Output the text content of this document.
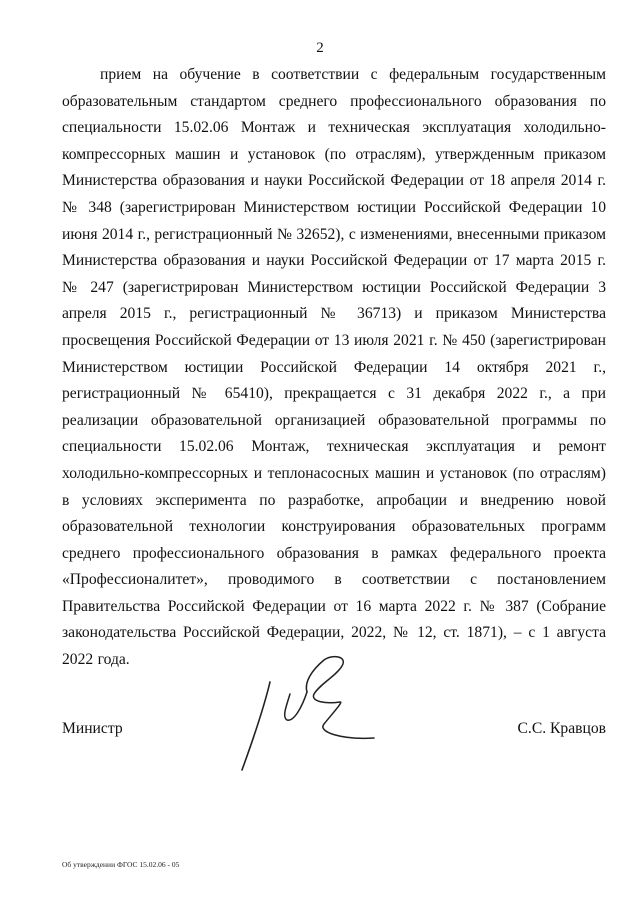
2

прием на обучение в соответствии с федеральным государственным образовательным стандартом среднего профессионального образования по специальности 15.02.06 Монтаж и техническая эксплуатация холодильно-компрессорных машин и установок (по отраслям), утвержденным приказом Министерства образования и науки Российской Федерации от 18 апреля 2014 г. № 348 (зарегистрирован Министерством юстиции Российской Федерации 10 июня 2014 г., регистрационный № 32652), с изменениями, внесенными приказом Министерства образования и науки Российской Федерации от 17 марта 2015 г. № 247 (зарегистрирован Министерством юстиции Российской Федерации 3 апреля 2015 г., регистрационный № 36713) и приказом Министерства просвещения Российской Федерации от 13 июля 2021 г. № 450 (зарегистрирован Министерством юстиции Российской Федерации 14 октября 2021 г., регистрационный № 65410), прекращается с 31 декабря 2022 г., а при реализации образовательной организацией образовательной программы по специальности 15.02.06 Монтаж, техническая эксплуатация и ремонт холодильно-компрессорных и теплонасосных машин и установок (по отраслям) в условиях эксперимента по разработке, апробации и внедрению новой образовательной технологии конструирования образовательных программ среднего профессионального образования в рамках федерального проекта «Профессионалитет», проводимого в соответствии с постановлением Правительства Российской Федерации от 16 марта 2022 г. № 387 (Собрание законодательства Российской Федерации, 2022, № 12, ст. 1871), – с 1 августа 2022 года.

Министр	С.С. Кравцов
Об утверждении ФГОС 15.02.06 - 05
